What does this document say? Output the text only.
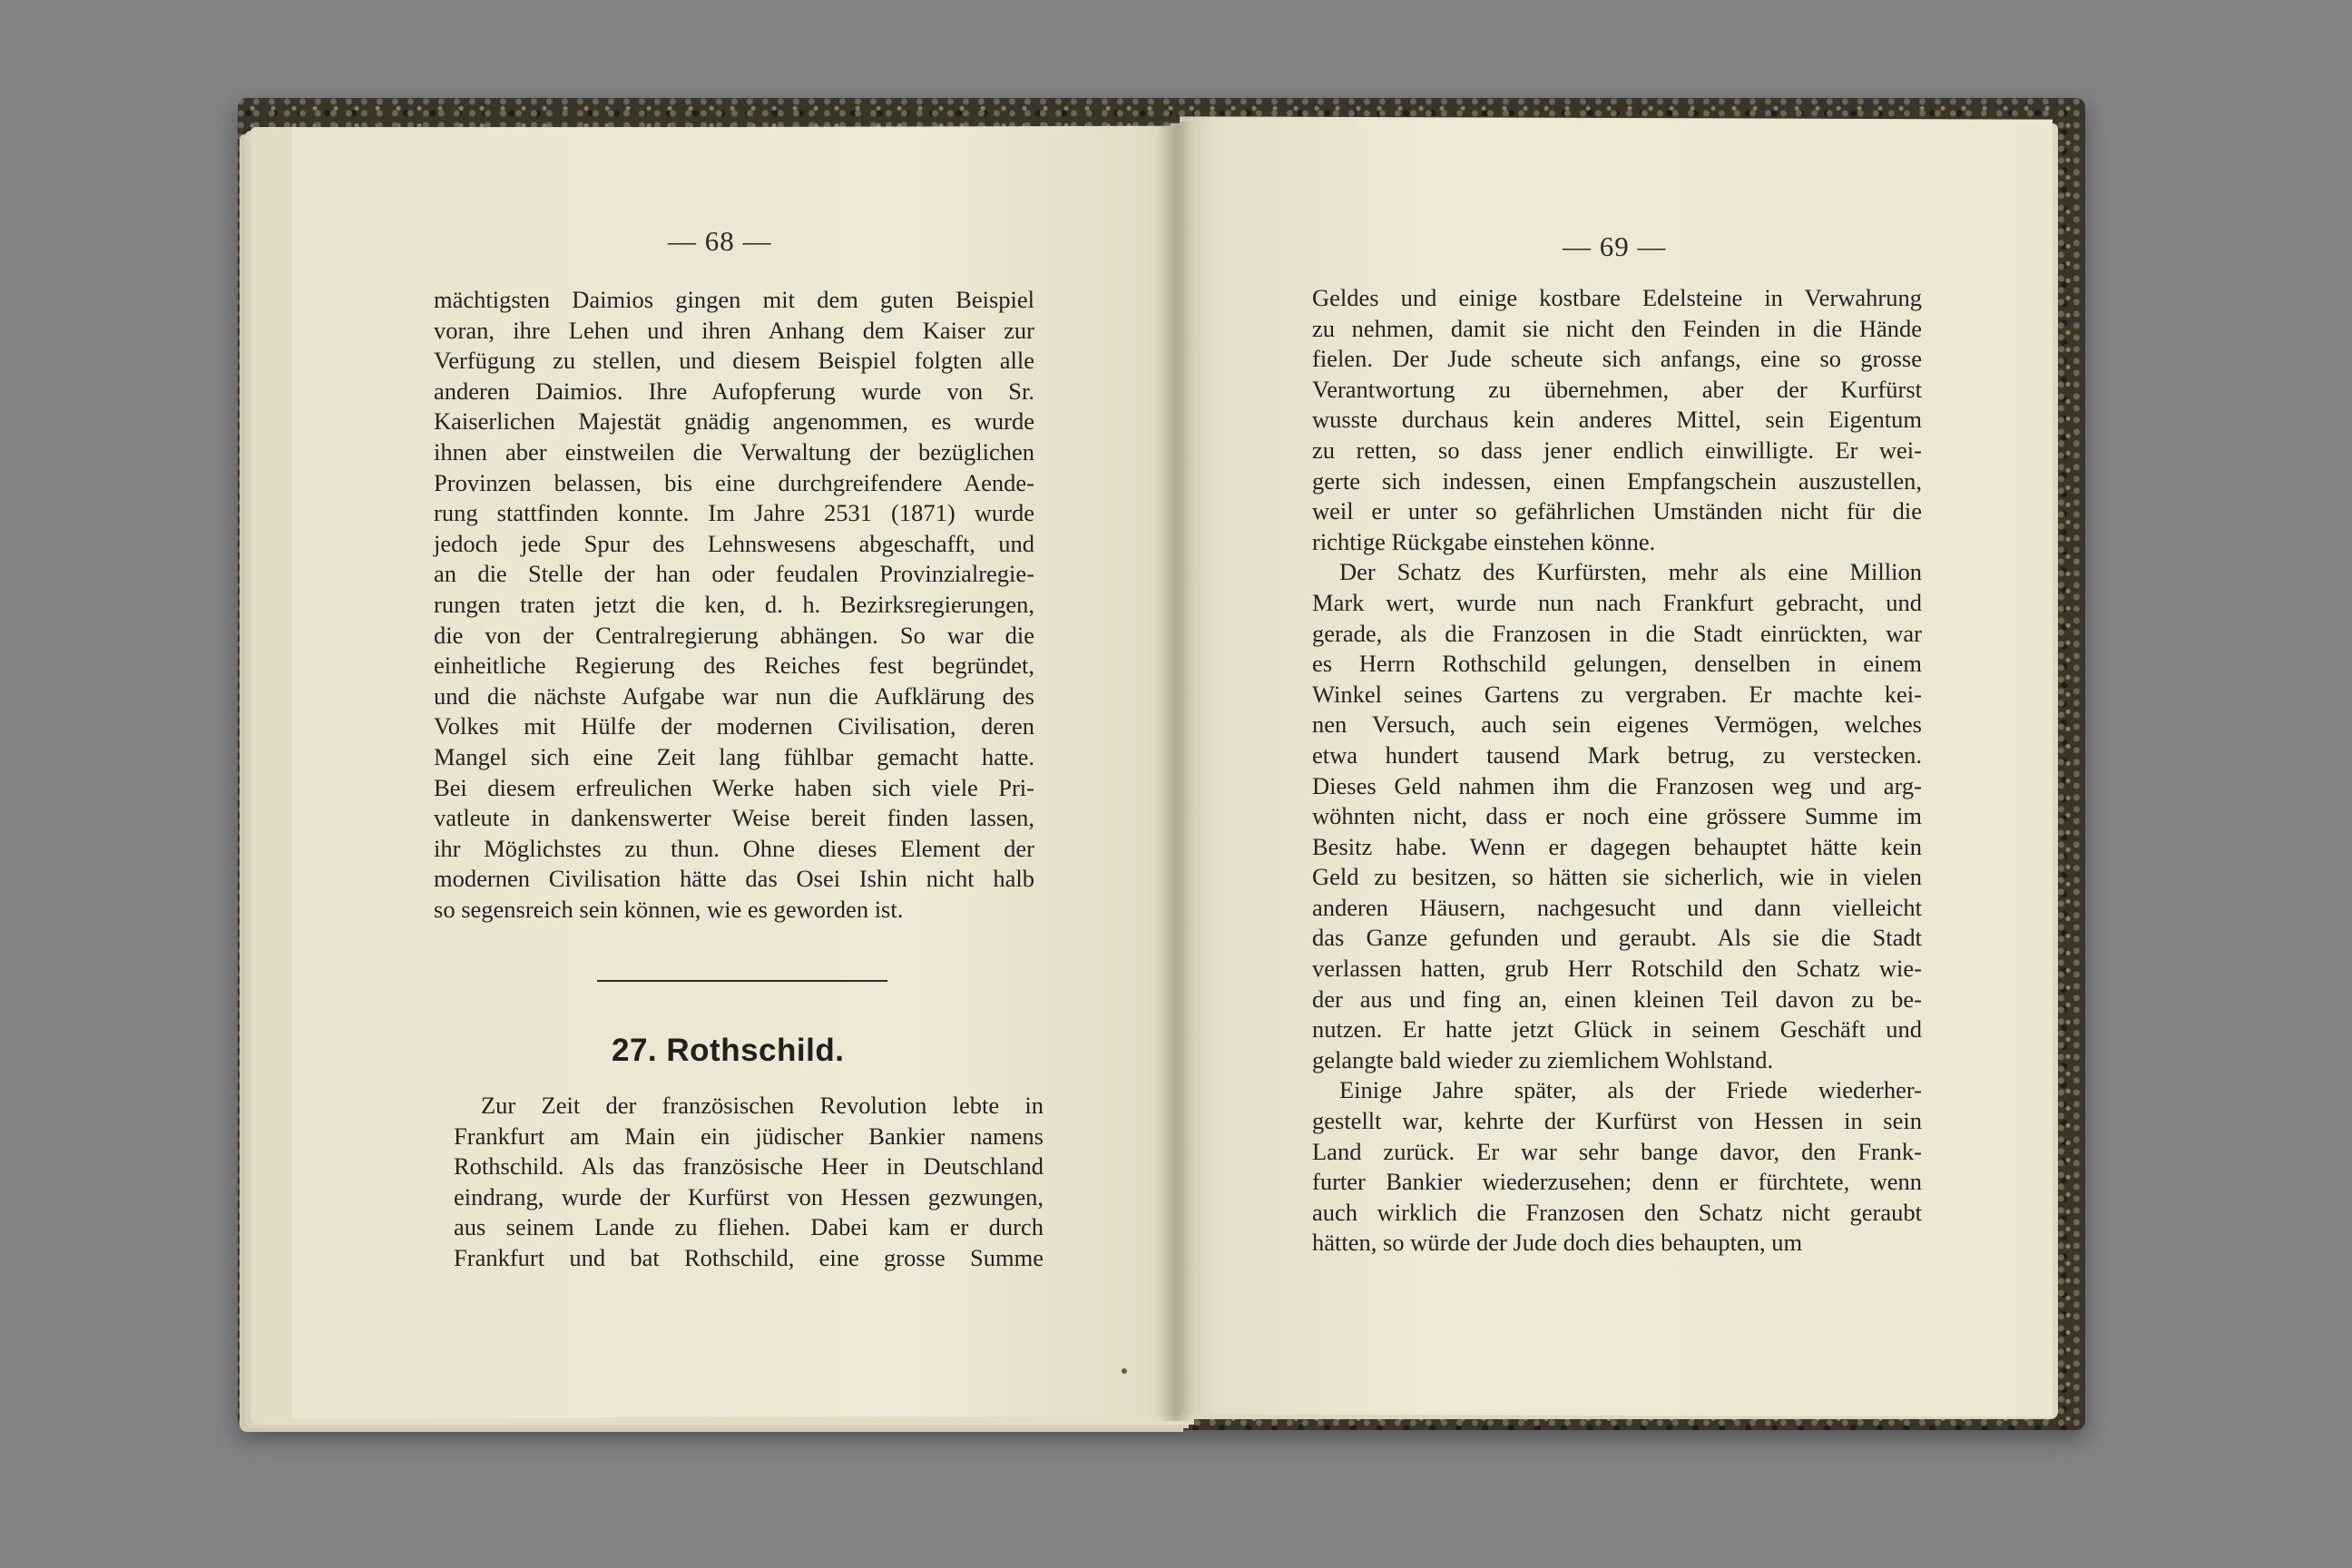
— 68 —	— 69 —
mächtigsten Daimios gingen mit dem guten Beispiel
voran, ihre Lehen und ihren Anhang dem Kaiser zur
Verfügung zu stellen, und diesem Beispiel folgten alle
anderen Daimios. Ihre Aufopferung wurde von Sr.
Kaiserlichen Majestät gnädig angenommen, es wurde
ihnen aber einstweilen die Verwaltung der bezüglichen
Provinzen belassen, bis eine durchgreifendere Aende-
rung stattfinden konnte. Im Jahre 2531 (1871) wurde
jedoch jede Spur des Lehnswesens abgeschafft, und
an die Stelle der han oder feudalen Provinzialregie-
rungen traten jetzt die ken, d. h. Bezirksregierungen,
die von der Centralregierung abhängen. So war die
einheitliche Regierung des Reiches fest begründet,
und die nächste Aufgabe war nun die Aufklärung des
Volkes mit Hülfe der modernen Civilisation, deren
Mangel sich eine Zeit lang fühlbar gemacht hatte.
Bei diesem erfreulichen Werke haben sich viele Pri-
vatleute in dankenswerter Weise bereit finden lassen,
ihr Möglichstes zu thun. Ohne dieses Element der
modernen Civilisation hätte das Osei Ishin nicht halb
so segensreich sein können, wie es geworden ist.
27. Rothschild.
Zur Zeit der französischen Revolution lebte in
Frankfurt am Main ein jüdischer Bankier namens
Rothschild. Als das französische Heer in Deutschland
eindrang, wurde der Kurfürst von Hessen gezwungen,
aus seinem Lande zu fliehen. Dabei kam er durch
Frankfurt und bat Rothschild, eine grosse Summe
Geldes und einige kostbare Edelsteine in Verwahrung
zu nehmen, damit sie nicht den Feinden in die Hände
fielen. Der Jude scheute sich anfangs, eine so grosse
Verantwortung zu übernehmen, aber der Kurfürst
wusste durchaus kein anderes Mittel, sein Eigentum
zu retten, so dass jener endlich einwilligte. Er wei-
gerte sich indessen, einen Empfangschein auszustellen,
weil er unter so gefährlichen Umständen nicht für die
richtige Rückgabe einstehen könne.
Der Schatz des Kurfürsten, mehr als eine Million
Mark wert, wurde nun nach Frankfurt gebracht, und
gerade, als die Franzosen in die Stadt einrückten, war
es Herrn Rothschild gelungen, denselben in einem
Winkel seines Gartens zu vergraben. Er machte kei-
nen Versuch, auch sein eigenes Vermögen, welches
etwa hundert tausend Mark betrug, zu verstecken.
Dieses Geld nahmen ihm die Franzosen weg und arg-
wöhnten nicht, dass er noch eine grössere Summe im
Besitz habe. Wenn er dagegen behauptet hätte kein
Geld zu besitzen, so hätten sie sicherlich, wie in vielen
anderen Häusern, nachgesucht und dann vielleicht
das Ganze gefunden und geraubt. Als sie die Stadt
verlassen hatten, grub Herr Rotschild den Schatz wie-
der aus und fing an, einen kleinen Teil davon zu be-
nutzen. Er hatte jetzt Glück in seinem Geschäft und
gelangte bald wieder zu ziemlichem Wohlstand.
Einige Jahre später, als der Friede wiederher-
gestellt war, kehrte der Kurfürst von Hessen in sein
Land zurück. Er war sehr bange davor, den Frank-
furter Bankier wiederzusehen; denn er fürchtete, wenn
auch wirklich die Franzosen den Schatz nicht geraubt
hätten, so würde der Jude doch dies behaupten, um
